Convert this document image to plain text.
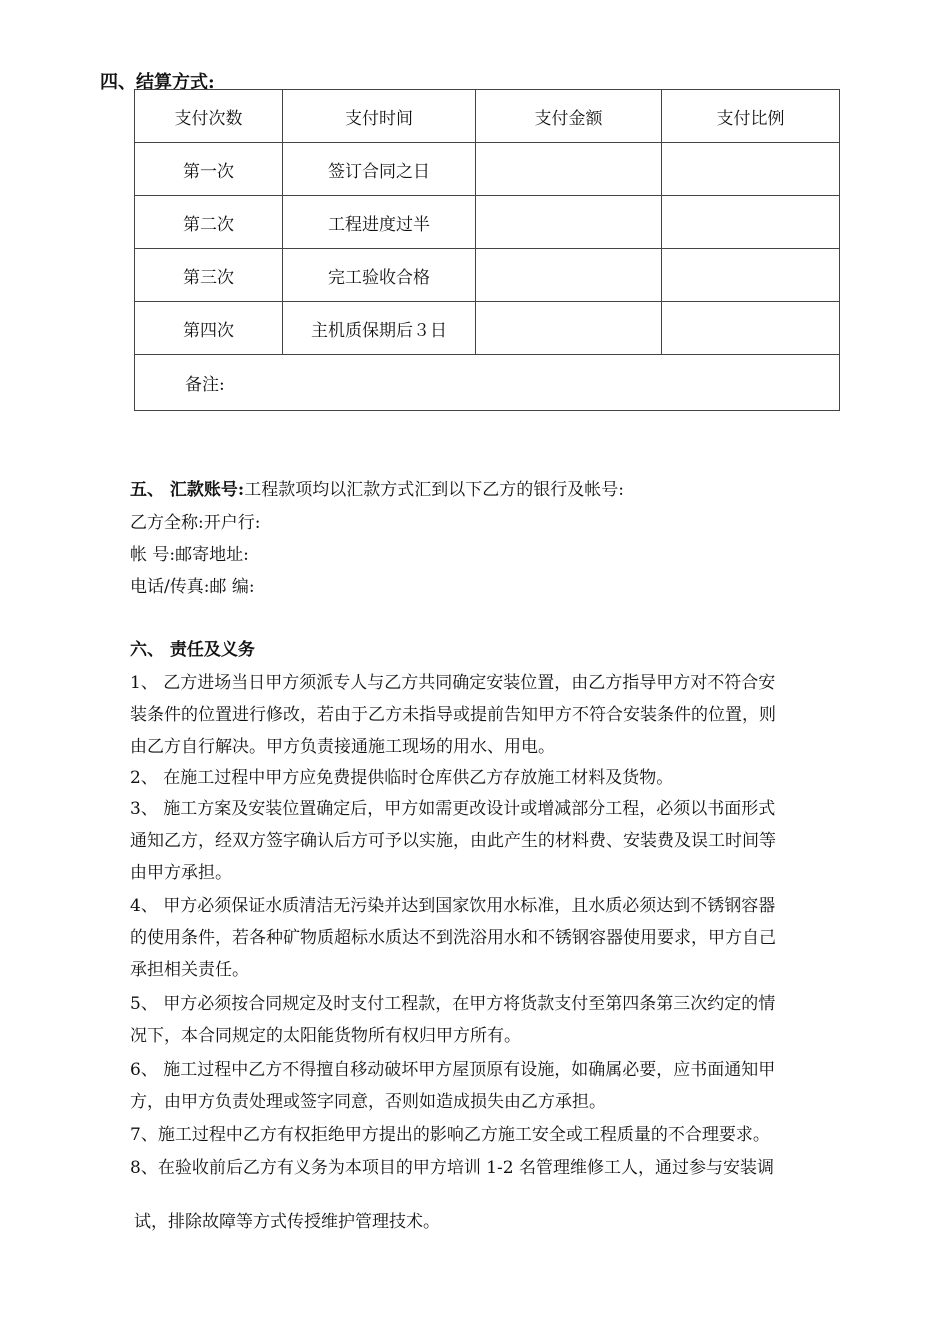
四、结算方式:
支付次数	支付时间	支付金额	支付比例
第一次	签订合同之日		
第二次	工程进度过半		
第三次	完工验收合格		
第四次	主机质保期后３日		
备注:			
五、 汇款账号:工程款项均以汇款方式汇到以下乙方的银行及帐号:
乙方全称:开户行:
帐 号:邮寄地址:
电话/传真:邮 编:
六、 责任及义务
1、 乙方进场当日甲方须派专人与乙方共同确定安装位置，由乙方指导甲方对不符合安
装条件的位置进行修改，若由于乙方未指导或提前告知甲方不符合安装条件的位置，则
由乙方自行解决。甲方负责接通施工现场的用水、用电。
2、 在施工过程中甲方应免费提供临时仓库供乙方存放施工材料及货物。
3、 施工方案及安装位置确定后，甲方如需更改设计或增减部分工程，必须以书面形式
通知乙方，经双方签字确认后方可予以实施，由此产生的材料费、安装费及误工时间等
由甲方承担。
4、 甲方必须保证水质清洁无污染并达到国家饮用水标准，且水质必须达到不锈钢容器
的使用条件，若各种矿物质超标水质达不到洗浴用水和不锈钢容器使用要求，甲方自己
承担相关责任。
5、 甲方必须按合同规定及时支付工程款，在甲方将货款支付至第四条第三次约定的情
况下，本合同规定的太阳能货物所有权归甲方所有。
6、 施工过程中乙方不得擅自移动破坏甲方屋顶原有设施，如确属必要，应书面通知甲
方，由甲方负责处理或签字同意，否则如造成损失由乙方承担。
7、施工过程中乙方有权拒绝甲方提出的影响乙方施工安全或工程质量的不合理要求。
8、在验收前后乙方有义务为本项目的甲方培训 1-2 名管理维修工人，通过参与安装调
试，排除故障等方式传授维护管理技术。
